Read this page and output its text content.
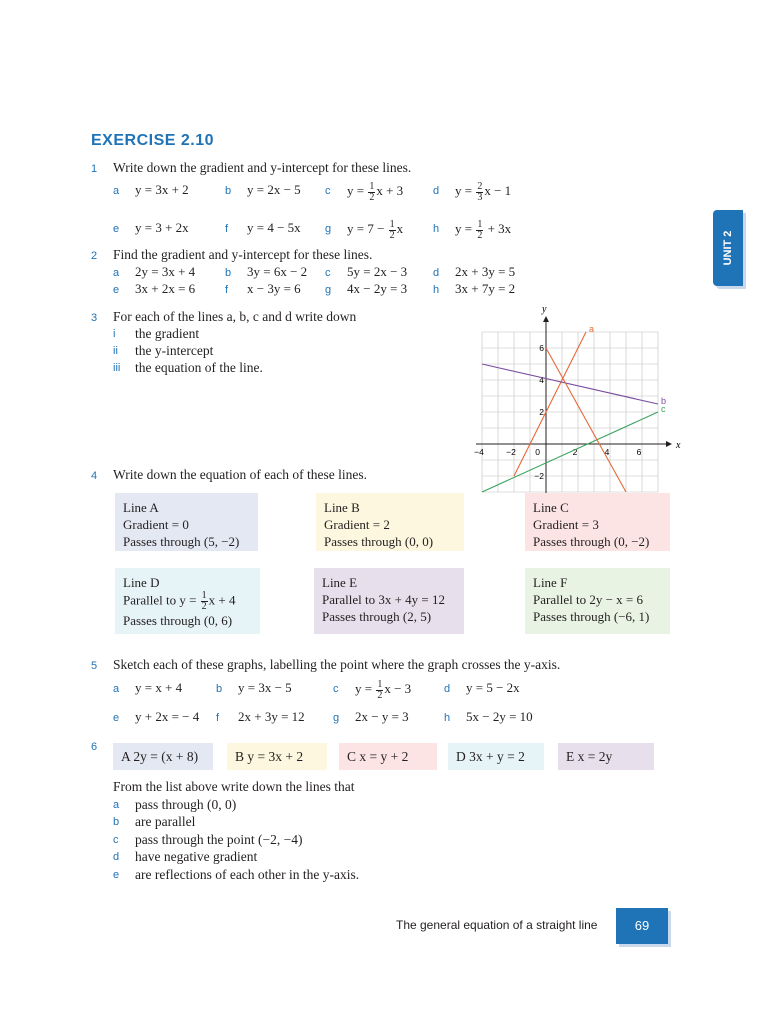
EXERCISE 2.10
UNIT 2
1 Write down the gradient and y-intercept for these lines.
a y = 3x + 2	b y = 2x − 5 c $y = \frac{1}{2}$ x + 3	d $y = \frac{2}{3}$ x − 1
e y = 3 + 2x	f y = 4 − 5x g $y = 7 - \frac{1}{2}$ x	h $y = \frac{1}{2} + 3x$
2 Find the gradient and y-intercept for these lines.
a 2y = 3x + 4	b 3y = 6x − 2 c 5y = 2x − 3 d 2x + 3y = 5
e 3x + 2x = 6	f x − 3y = 6 g 4x − 2y = 3 h 3x + 7y = 2
3 For each of the lines a, b, c and d write down
i the gradient
ii the y-intercept
iii the equation of the line.
x
y
−4	−2 0	2	4	6
−2
2
4
6
a
b
c
4 Write down the equation of each of these lines.
Line A
Gradient = 0
Passes through (5, −2)
Line B
Gradient = 2
Passes through (0, 0)
Line C
Gradient = 3
Passes through (0, −2)
Line D
Parallel to $y = \frac{1}{2}$ x + 4
Passes through (0, 6)
Line E
Parallel to 3x + 4y = 12
Passes through (2, 5)
Line F
Parallel to 2y − x = 6
Passes through (−6, 1)
5 Sketch each of these graphs, labelling the point where the graph crosses the y-axis.
a y = x + 4	b y = 3x − 5	c $y = \frac{1}{2}$ x − 3	d y = 5 − 2x
e y + 2x = − 4 f 2x + 3y = 12	g 2x − y = 3	h 5x − 2y = 10
6
A 2y = (x + 8)	B y = 3x + 2	C x = y + 2	D 3x + y = 2	E x = 2y
From the list above write down the lines that
a pass through (0, 0)
b are parallel
c pass through the point (−2, −4)
d have negative gradient
e are reflections of each other in the y-axis.
The general equation of a straight line	69
